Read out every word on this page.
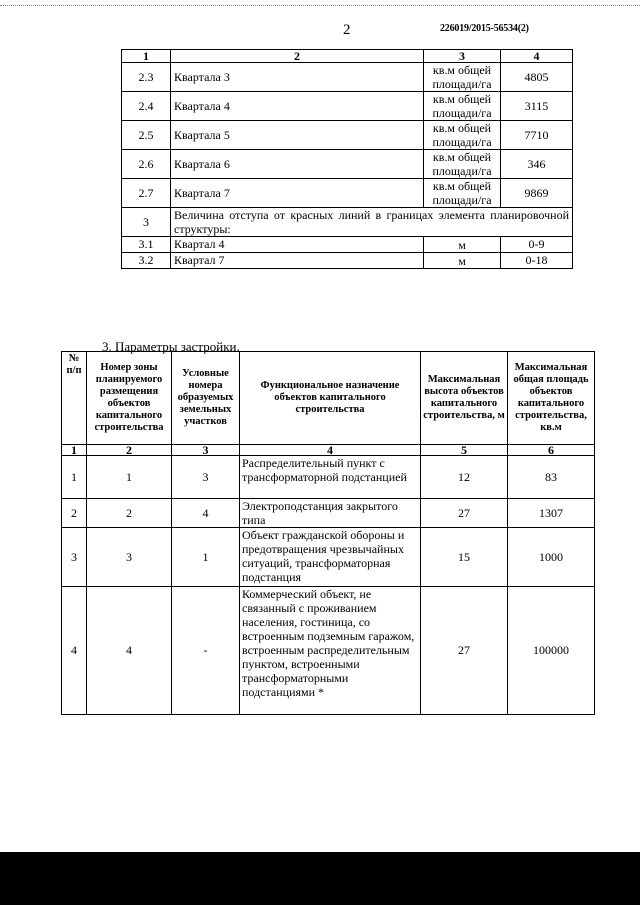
2	226019/2015-56534(2)
1	2	3	4
2.3	Квартала 3	кв.м общей площади/га	4805
2.4	Квартала 4	кв.м общей площади/га	3115
2.5	Квартала 5	кв.м общей площади/га	7710
2.6	Квартала 6	кв.м общей площади/га	346
2.7	Квартала 7	кв.м общей площади/га	9869
3	Величина отступа от красных линий в границах элемента планировочной структуры:		
3.1	Квартал 4	м	0-9
3.2	Квартал 7	м	0-18
3. Параметры застройки.
№ п/п	Номер зоны планируемого размещения объектов капитального строительства	Условные номера образуемых земельных участков	Функциональное назначение объектов капитального строительства	Максимальная высота объектов капитального строительства, м	Максимальная общая площадь объектов капитального строительства, кв.м
1	2	3	4	5	6
1	1	3	Распределительный пункт с трансформаторной подстанцией	12	83
2	2	4	Электроподстанция закрытого типа	27	1307
3	3	1	Объект гражданской обороны и предотвращения чрезвычайных ситуаций, трансформаторная подстанция	15	1000
4	4	-	Коммерческий объект, не связанный с проживанием населения, гостиница, со встроенным подземным гаражом, встроенным распределительным пунктом, встроенными трансформаторными подстанциями *	27	100000
